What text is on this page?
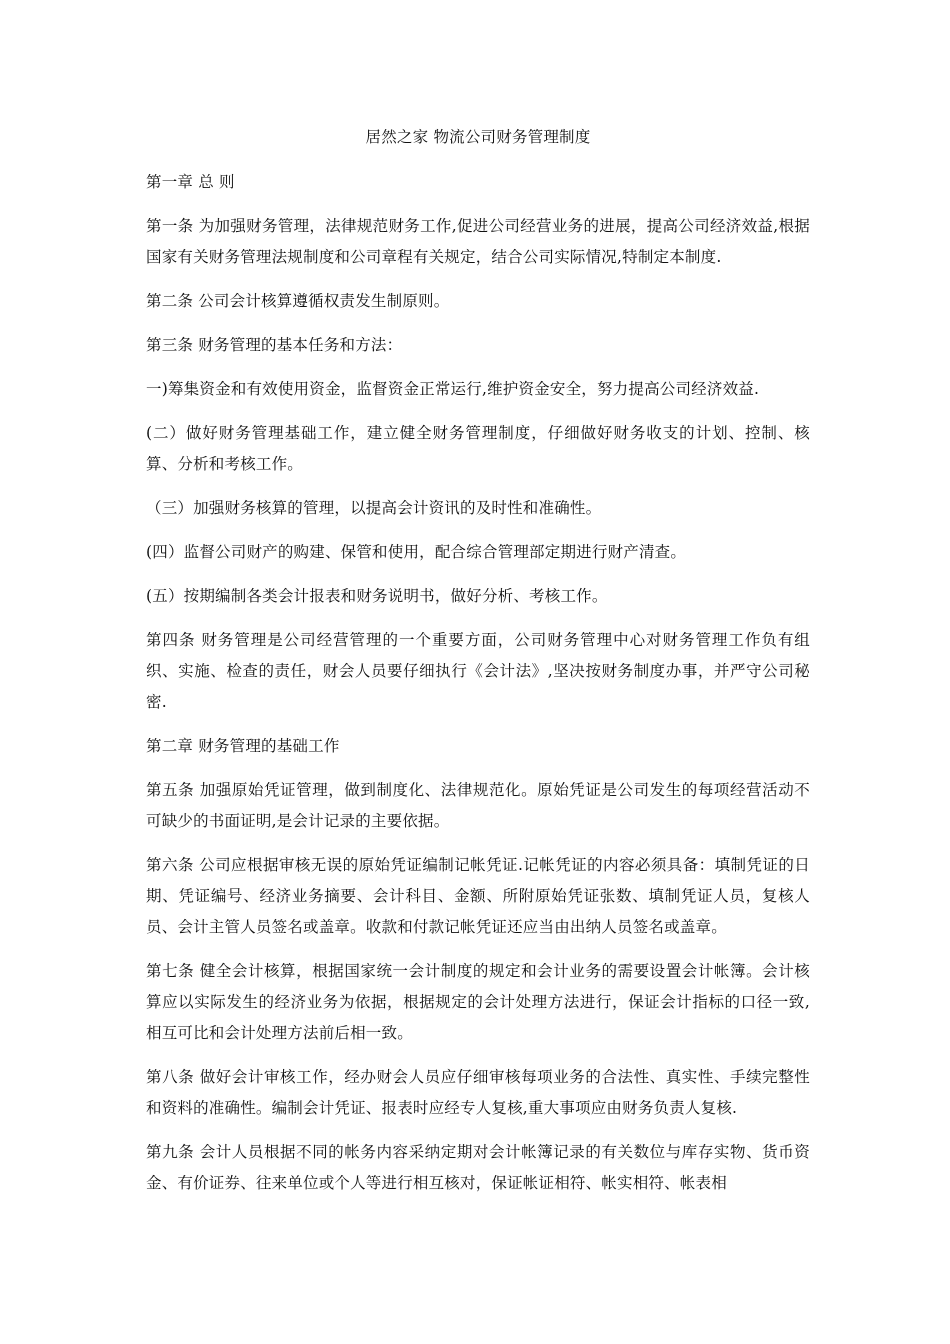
居然之家 物流公司财务管理制度
第一章 总 则
第一条 为加强财务管理，法律规范财务工作,促进公司经营业务的进展，提高公司经济效益,根据国家有关财务管理法规制度和公司章程有关规定，结合公司实际情况,特制定本制度.
第二条 公司会计核算遵循权责发生制原则。
第三条 财务管理的基本任务和方法：
一)筹集资金和有效使用资金，监督资金正常运行,维护资金安全，努力提高公司经济效益.
(二）做好财务管理基础工作，建立健全财务管理制度，仔细做好财务收支的计划、控制、核算、分析和考核工作。
（三）加强财务核算的管理，以提高会计资讯的及时性和准确性。
(四）监督公司财产的购建、保管和使用，配合综合管理部定期进行财产清查。
(五）按期编制各类会计报表和财务说明书，做好分析、考核工作。
第四条 财务管理是公司经营管理的一个重要方面，公司财务管理中心对财务管理工作负有组织、实施、检查的责任，财会人员要仔细执行《会计法》,坚决按财务制度办事，并严守公司秘密.
第二章 财务管理的基础工作
第五条 加强原始凭证管理，做到制度化、法律规范化。原始凭证是公司发生的每项经营活动不可缺少的书面证明,是会计记录的主要依据。
第六条 公司应根据审核无误的原始凭证编制记帐凭证.记帐凭证的内容必须具备：填制凭证的日期、凭证编号、经济业务摘要、会计科目、金额、所附原始凭证张数、填制凭证人员，复核人员、会计主管人员签名或盖章。收款和付款记帐凭证还应当由出纳人员签名或盖章。
第七条 健全会计核算，根据国家统一会计制度的规定和会计业务的需要设置会计帐簿。会计核算应以实际发生的经济业务为依据，根据规定的会计处理方法进行，保证会计指标的口径一致,相互可比和会计处理方法前后相一致。
第八条 做好会计审核工作，经办财会人员应仔细审核每项业务的合法性、真实性、手续完整性和资料的准确性。编制会计凭证、报表时应经专人复核,重大事项应由财务负责人复核.
第九条 会计人员根据不同的帐务内容采纳定期对会计帐簿记录的有关数位与库存实物、货币资金、有价证券、往来单位或个人等进行相互核对，保证帐证相符、帐实相符、帐表相
